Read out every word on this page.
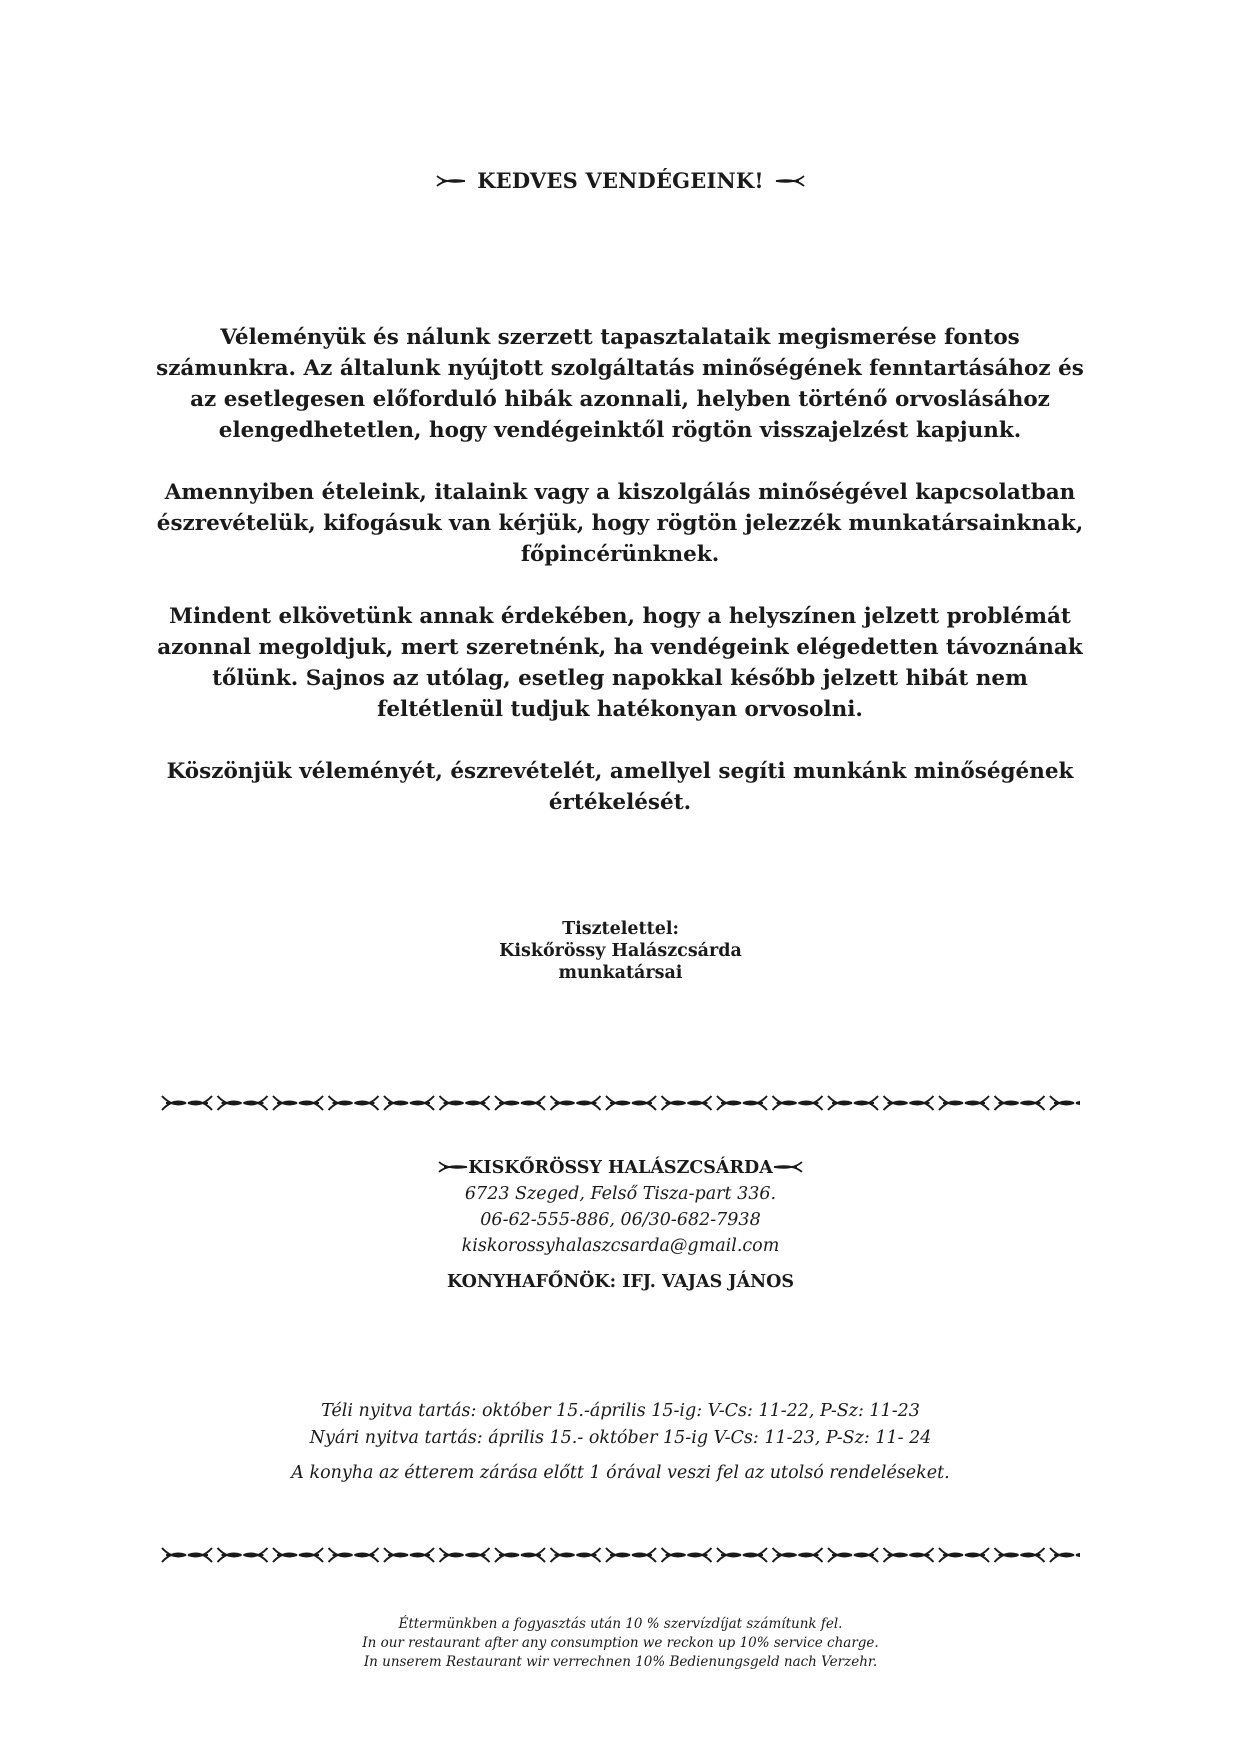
KEDVES VENDÉGEINK!

Véleményük és nálunk szerzett tapasztalataik megismerése fontos számunkra. Az általunk nyújtott szolgáltatás minőségének fenntartásához és az esetlegesen előforduló hibák azonnali, helyben történő orvoslásához elengedhetetlen, hogy vendégeinktől rögtön visszajelzést kapjunk.

Amennyiben ételeink, italaink vagy a kiszolgálás minőségével kapcsolatban észrevételük, kifogásuk van kérjük, hogy rögtön jelezzék munkatársainknak, főpincérünknek.

Mindent elkövetünk annak érdekében, hogy a helyszínen jelzett problémát azonnal megoldjuk, mert szeretnénk, ha vendégeink elégedetten távoznának tőlünk. Sajnos az utólag, esetleg napokkal később jelzett hibát nem feltétlenül tudjuk hatékonyan orvosolni.

Köszönjük véleményét, észrevételét, amellyel segíti munkánk minőségének értékelését.

Tisztelettel:
Kiskőrössy Halászcsárda
munkatársai
KISKŐRÖSSY HALÁSZCSÁRDA
6723 Szeged, Felső Tisza-part 336.
06-62-555-886, 06/30-682-7938
kiskorossyhalaszcsarda@gmail.com
KONYHAFŐNÖK: IFJ. VAJAS JÁNOS
Téli nyitva tartás: október 15.-április 15-ig: V-Cs: 11-22, P-Sz: 11-23
Nyári nyitva tartás: április 15.- október 15-ig V-Cs: 11-23, P-Sz: 11- 24
A konyha az étterem zárása előtt 1 órával veszi fel az utolsó rendeléseket.
Éttermünkben a fogyasztás után 10 % szervízdíjat számítunk fel.
In our restaurant after any consumption we reckon up 10% service charge.
In unserem Restaurant wir verrechnen 10% Bedienungsgeld nach Verzehr.
